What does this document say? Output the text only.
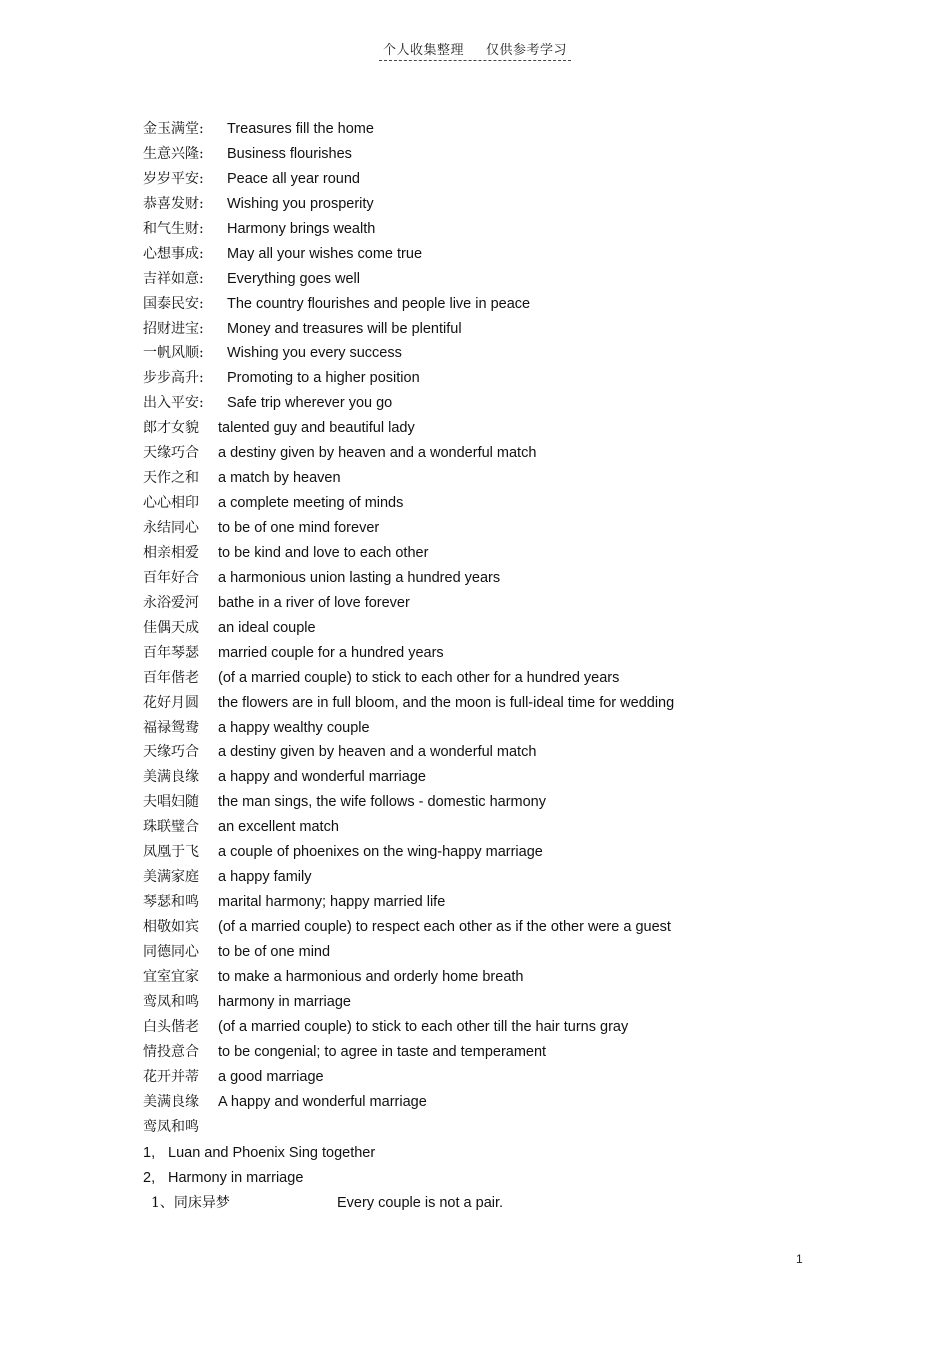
个人收集整理 仅供参考学习
金玉满堂: Treasures fill the home
生意兴隆: Business flourishes
岁岁平安: Peace all year round
恭喜发财: Wishing you prosperity
和气生财: Harmony brings wealth
心想事成: May all your wishes come true
吉祥如意: Everything goes well
国泰民安: The country flourishes and people live in peace
招财进宝: Money and treasures will be plentiful
一帆风顺: Wishing you every success
步步高升: Promoting to a higher position
出入平安: Safe trip wherever you go
郎才女貌 talented guy and beautiful lady
天缘巧合 a destiny given by heaven and a wonderful match
天作之和 a match by heaven
心心相印 a complete meeting of minds
永结同心 to be of one mind forever
相亲相爱 to be kind and love to each other
百年好合 a harmonious union lasting a hundred years
永浴爱河 bathe in a river of love forever
佳偶天成 an ideal couple
百年琴瑟 married couple for a hundred years
百年偕老 (of a married couple) to stick to each other for a hundred years
花好月圆 the flowers are in full bloom, and the moon is full-ideal time for wedding
福禄鸳鸯 a happy wealthy couple
天缘巧合 a destiny given by heaven and a wonderful match
美满良缘 a happy and wonderful marriage
夫唱妇随 the man sings, the wife follows - domestic harmony
珠联璧合 an excellent match
凤凰于飞 a couple of phoenixes on the wing-happy marriage
美满家庭 a happy family
琴瑟和鸣 marital harmony; happy married life
相敬如宾 (of a married couple) to respect each other as if the other were a guest
同德同心 to be of one mind
宜室宜家 to make a harmonious and orderly home breath
鸾凤和鸣 harmony in marriage
白头偕老 (of a married couple) to stick to each other till the hair turns gray
情投意合 to be congenial; to agree in taste and temperament
花开并蒂 a good marriage
美满良缘 A happy and wonderful marriage
鸾凤和鸣
1, Luan and Phoenix Sing together
2, Harmony in marriage
1、同床异梦	Every couple is not a pair.
1
